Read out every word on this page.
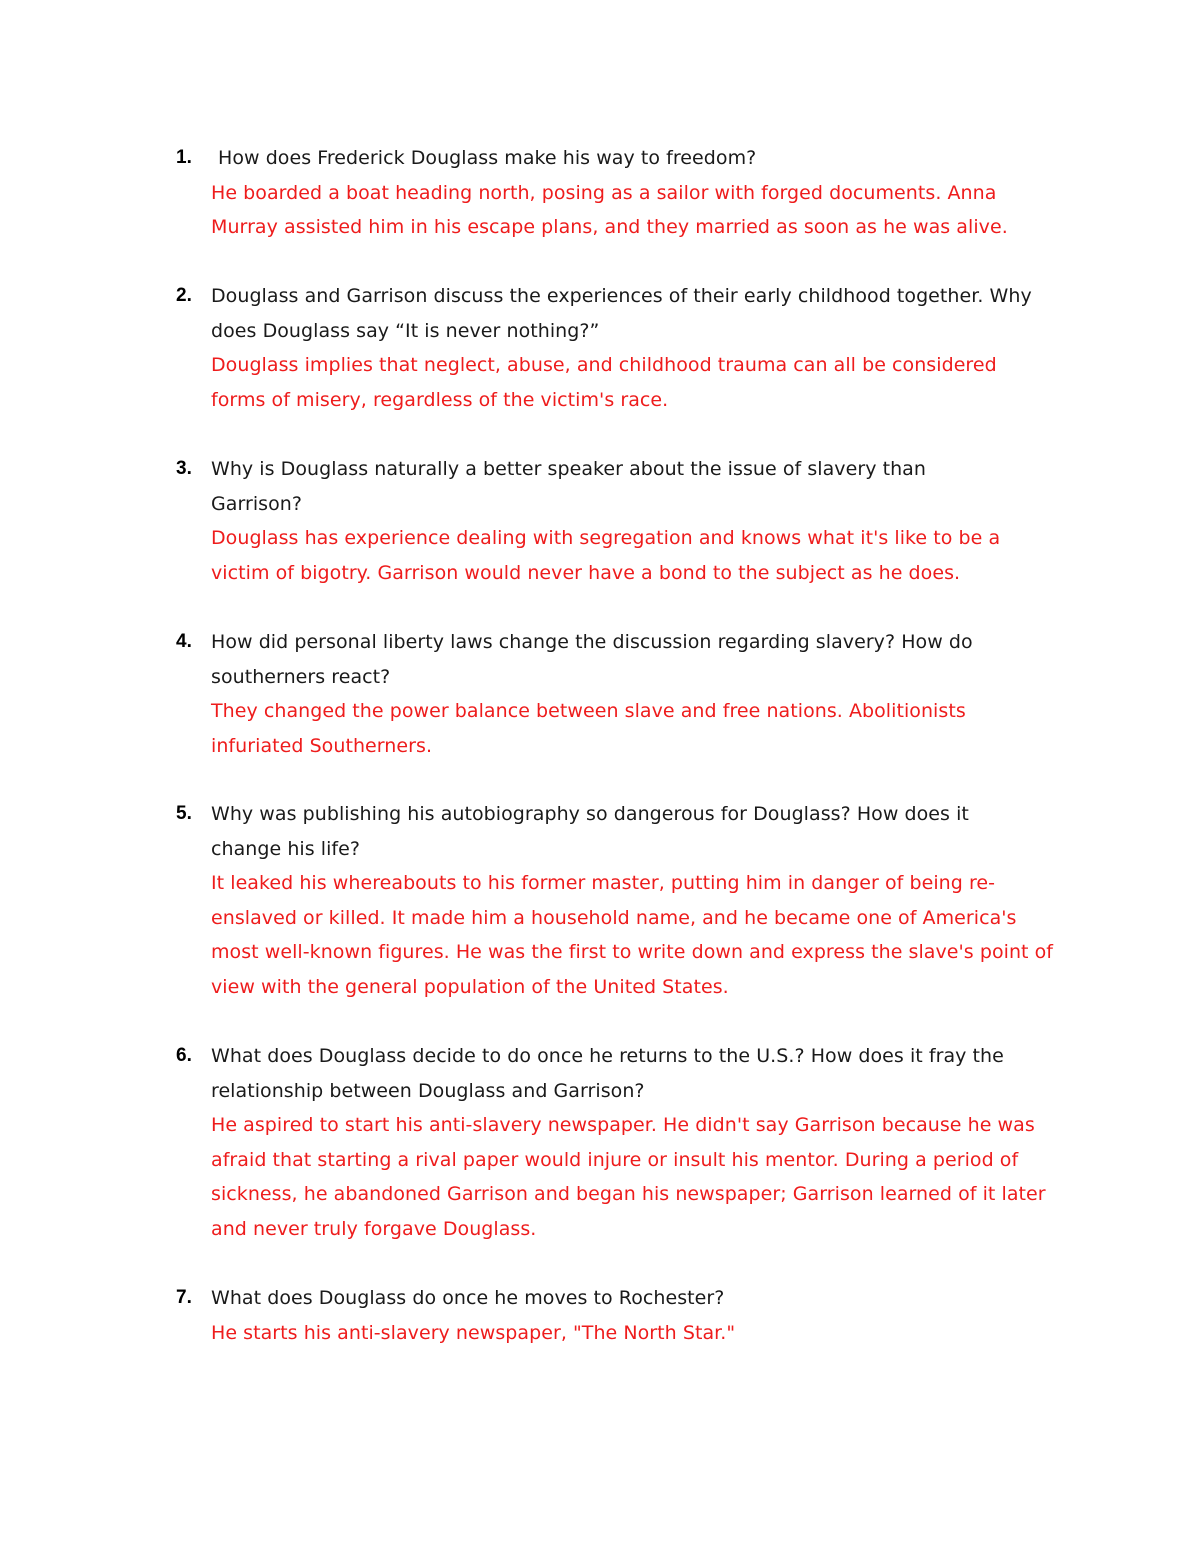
1.	How does Frederick Douglass make his way to freedom?
He boarded a boat heading north, posing as a sailor with forged documents. Anna Murray assisted him in his escape plans, and they married as soon as he was alive.
2. Douglass and Garrison discuss the experiences of their early childhood together. Why does Douglass say “It is never nothing?”
Douglass implies that neglect, abuse, and childhood trauma can all be considered forms of misery, regardless of the victim's race.
3. Why is Douglass naturally a better speaker about the issue of slavery than Garrison?
Douglass has experience dealing with segregation and knows what it's like to be a victim of bigotry. Garrison would never have a bond to the subject as he does.
4. How did personal liberty laws change the discussion regarding slavery? How do southerners react?
They changed the power balance between slave and free nations. Abolitionists infuriated Southerners.
5. Why was publishing his autobiography so dangerous for Douglass? How does it change his life?
It leaked his whereabouts to his former master, putting him in danger of being re-enslaved or killed. It made him a household name, and he became one of America's most well-known figures. He was the first to write down and express the slave's point of view with the general population of the United States.
6. What does Douglass decide to do once he returns to the U.S.? How does it fray the relationship between Douglass and Garrison?
He aspired to start his anti-slavery newspaper. He didn't say Garrison because he was afraid that starting a rival paper would injure or insult his mentor. During a period of sickness, he abandoned Garrison and began his newspaper; Garrison learned of it later and never truly forgave Douglass.
7. What does Douglass do once he moves to Rochester?
He starts his anti-slavery newspaper, "The North Star."
